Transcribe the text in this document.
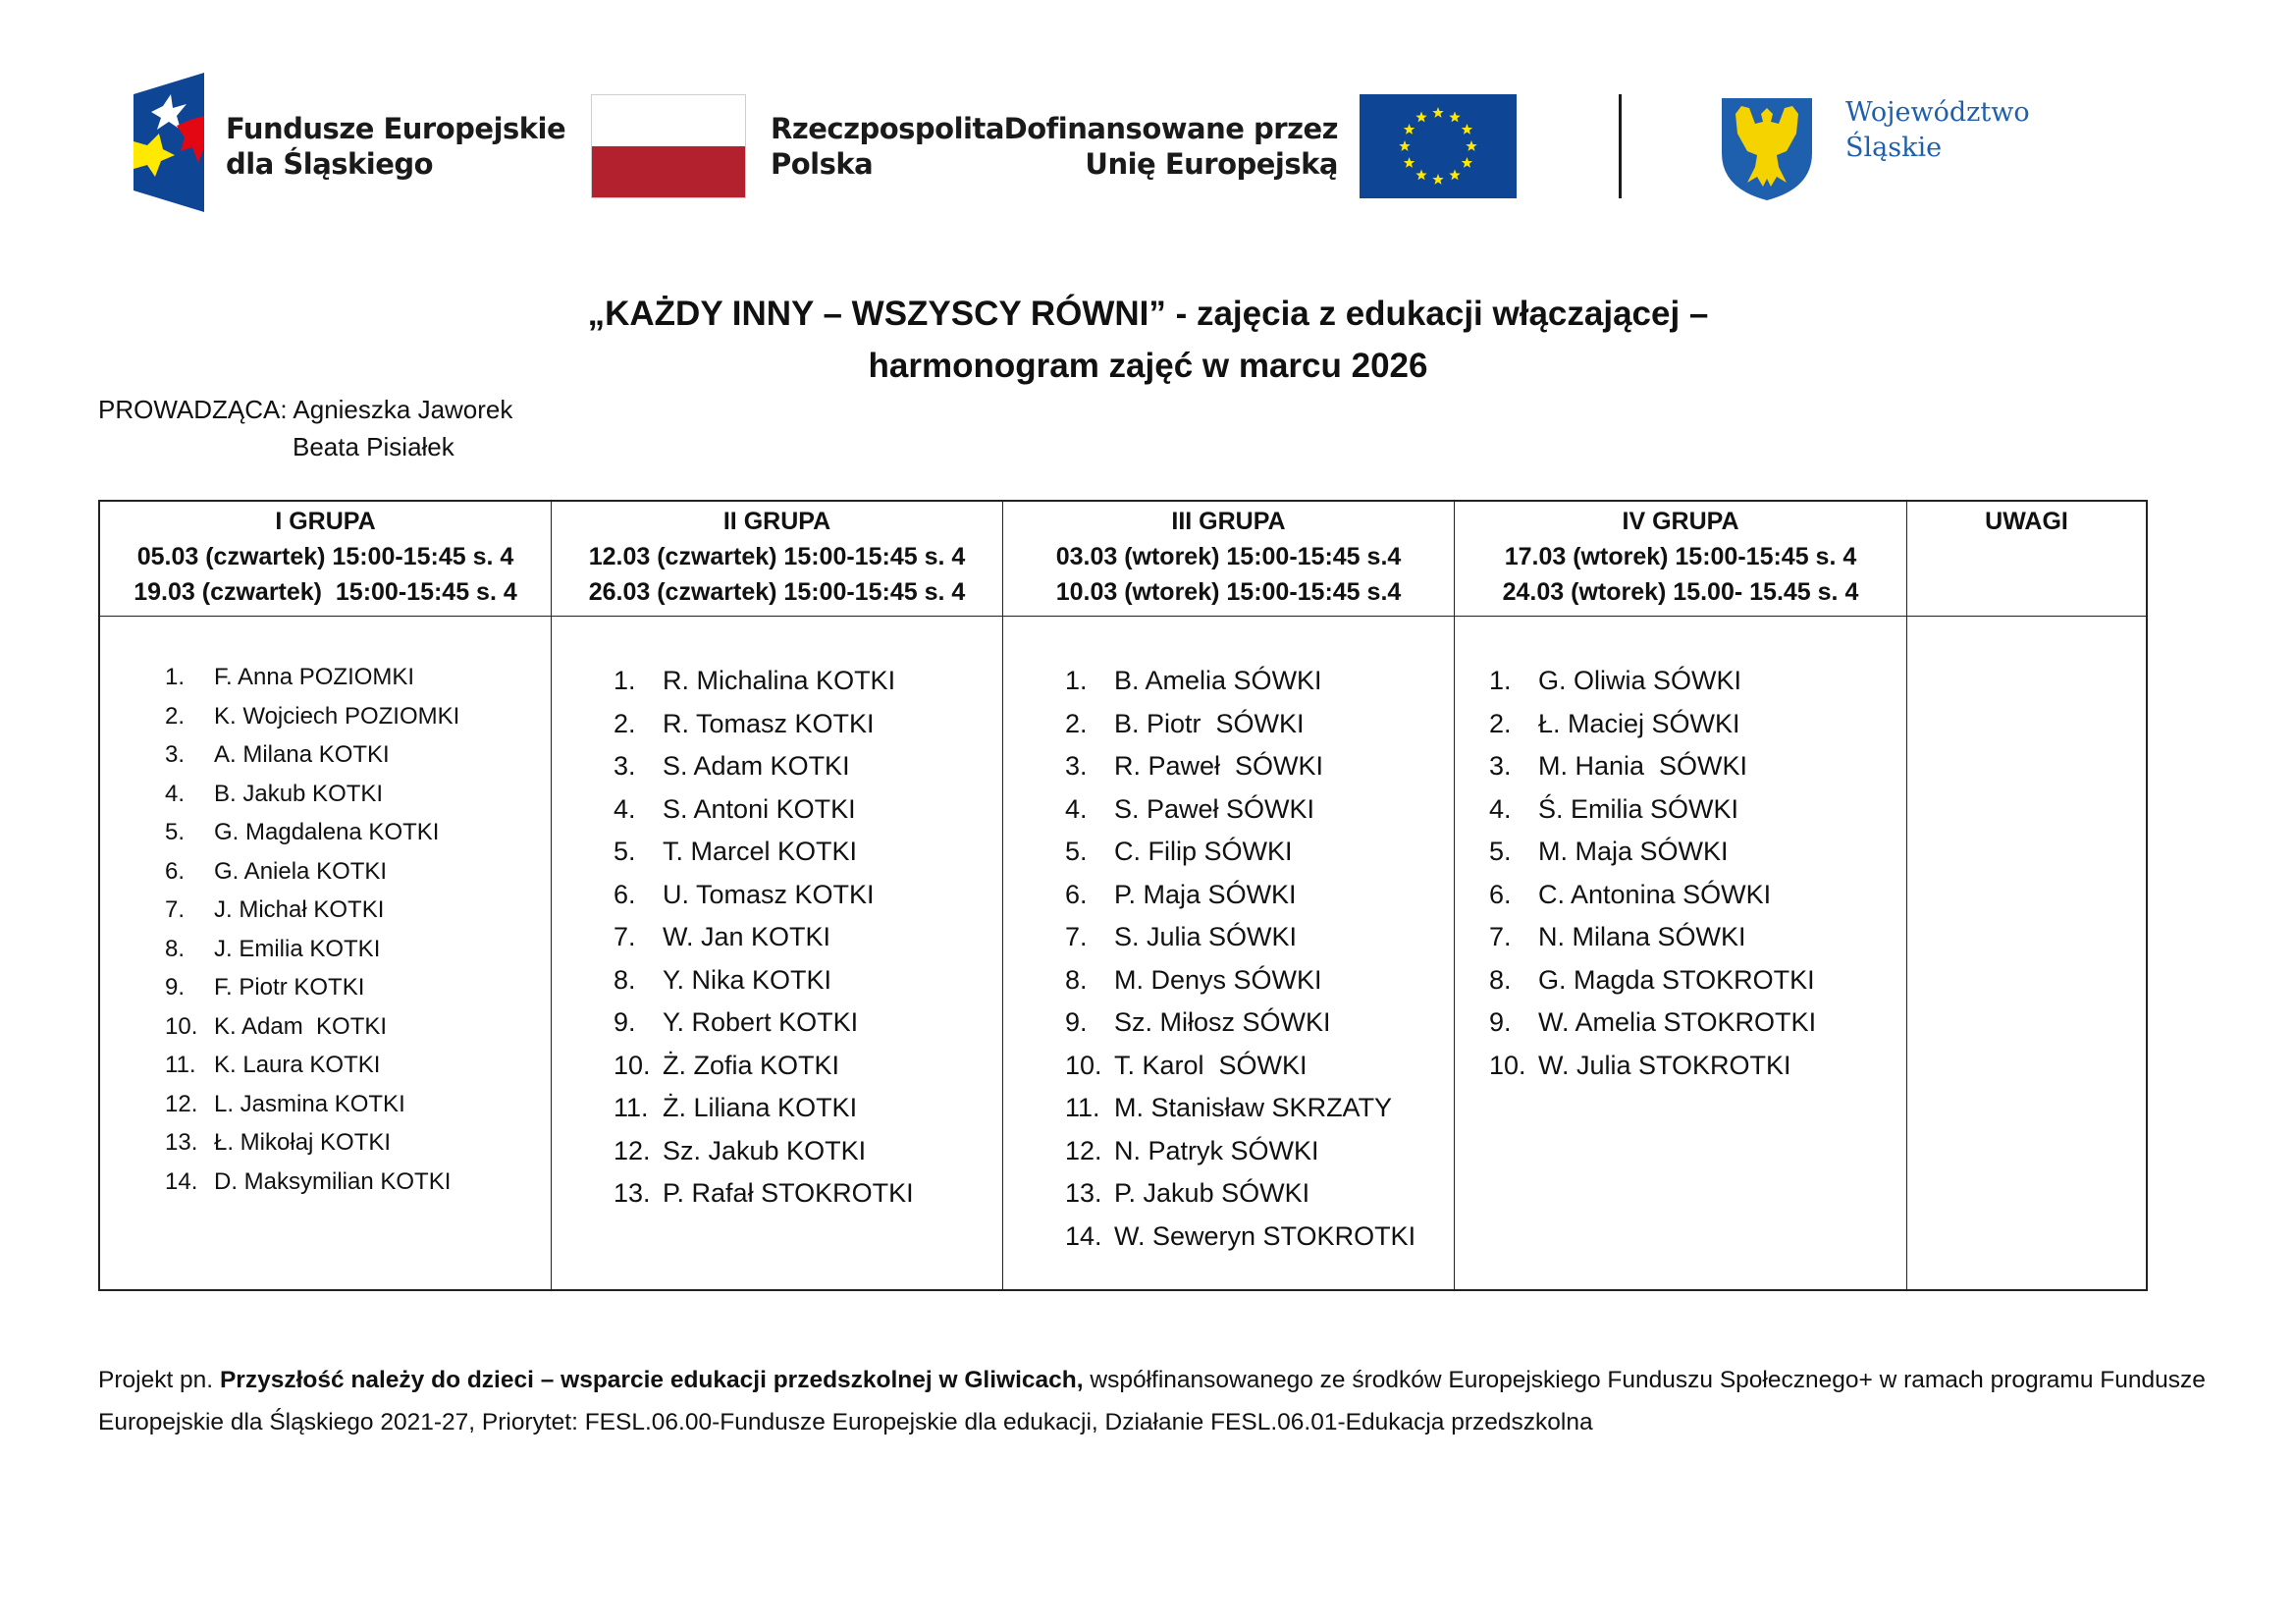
Fundusze Europejskie
dla Śląskiego
Rzeczpospolita
Polska
Dofinansowane przez
Unię Europejską
Województwo
Śląskie
„KAŻDY INNY – WSZYSCY RÓWNI” - zajęcia z edukacji włączającej –
harmonogram zajęć w marcu 2026
PROWADZĄCA: Agnieszka Jaworek
Beata Pisiałek
I GRUPA
05.03 (czwartek) 15:00-15:45 s. 4
19.03 (czwartek)  15:00-15:45 s. 4
1. F. Anna POZIOMKI
2. K. Wojciech POZIOMKI
3. A. Milana KOTKI
4. B. Jakub KOTKI
5. G. Magdalena KOTKI
6. G. Aniela KOTKI
7. J. Michał KOTKI
8. J. Emilia KOTKI
9. F. Piotr KOTKI
10. K. Adam  KOTKI
11. K. Laura KOTKI
12. L. Jasmina KOTKI
13. Ł. Mikołaj KOTKI
14. D. Maksymilian KOTKI
II GRUPA
12.03 (czwartek) 15:00-15:45 s. 4
26.03 (czwartek) 15:00-15:45 s. 4
1. R. Michalina KOTKI
2. R. Tomasz KOTKI
3. S. Adam KOTKI
4. S. Antoni KOTKI
5. T. Marcel KOTKI
6. U. Tomasz KOTKI
7. W. Jan KOTKI
8. Y. Nika KOTKI
9. Y. Robert KOTKI
10. Ż. Zofia KOTKI
11. Ż. Liliana KOTKI
12. Sz. Jakub KOTKI
13. P. Rafał STOKROTKI
III GRUPA
03.03 (wtorek) 15:00-15:45 s.4
10.03 (wtorek) 15:00-15:45 s.4
1. B. Amelia SÓWKI
2. B. Piotr  SÓWKI
3. R. Paweł  SÓWKI
4. S. Paweł SÓWKI
5. C. Filip SÓWKI
6. P. Maja SÓWKI
7. S. Julia SÓWKI
8. M. Denys SÓWKI
9. Sz. Miłosz SÓWKI
10. T. Karol  SÓWKI
11. M. Stanisław SKRZATY
12. N. Patryk SÓWKI
13. P. Jakub SÓWKI
14. W. Seweryn STOKROTKI
IV GRUPA
17.03 (wtorek) 15:00-15:45 s. 4
24.03 (wtorek) 15.00- 15.45 s. 4
1. G. Oliwia SÓWKI
2. Ł. Maciej SÓWKI
3. M. Hania  SÓWKI
4. Ś. Emilia SÓWKI
5. M. Maja SÓWKI
6. C. Antonina SÓWKI
7. N. Milana SÓWKI
8. G. Magda STOKROTKI
9. W. Amelia STOKROTKI
10. W. Julia STOKROTKI
UWAGI
Projekt pn. Przyszłość należy do dzieci – wsparcie edukacji przedszkolnej w Gliwicach, współfinansowanego ze środków Europejskiego Funduszu Społecznego+ w ramach programu Fundusze Europejskie dla Śląskiego 2021-27, Priorytet: FESL.06.00-Fundusze Europejskie dla edukacji, Działanie FESL.06.01-Edukacja przedszkolna
